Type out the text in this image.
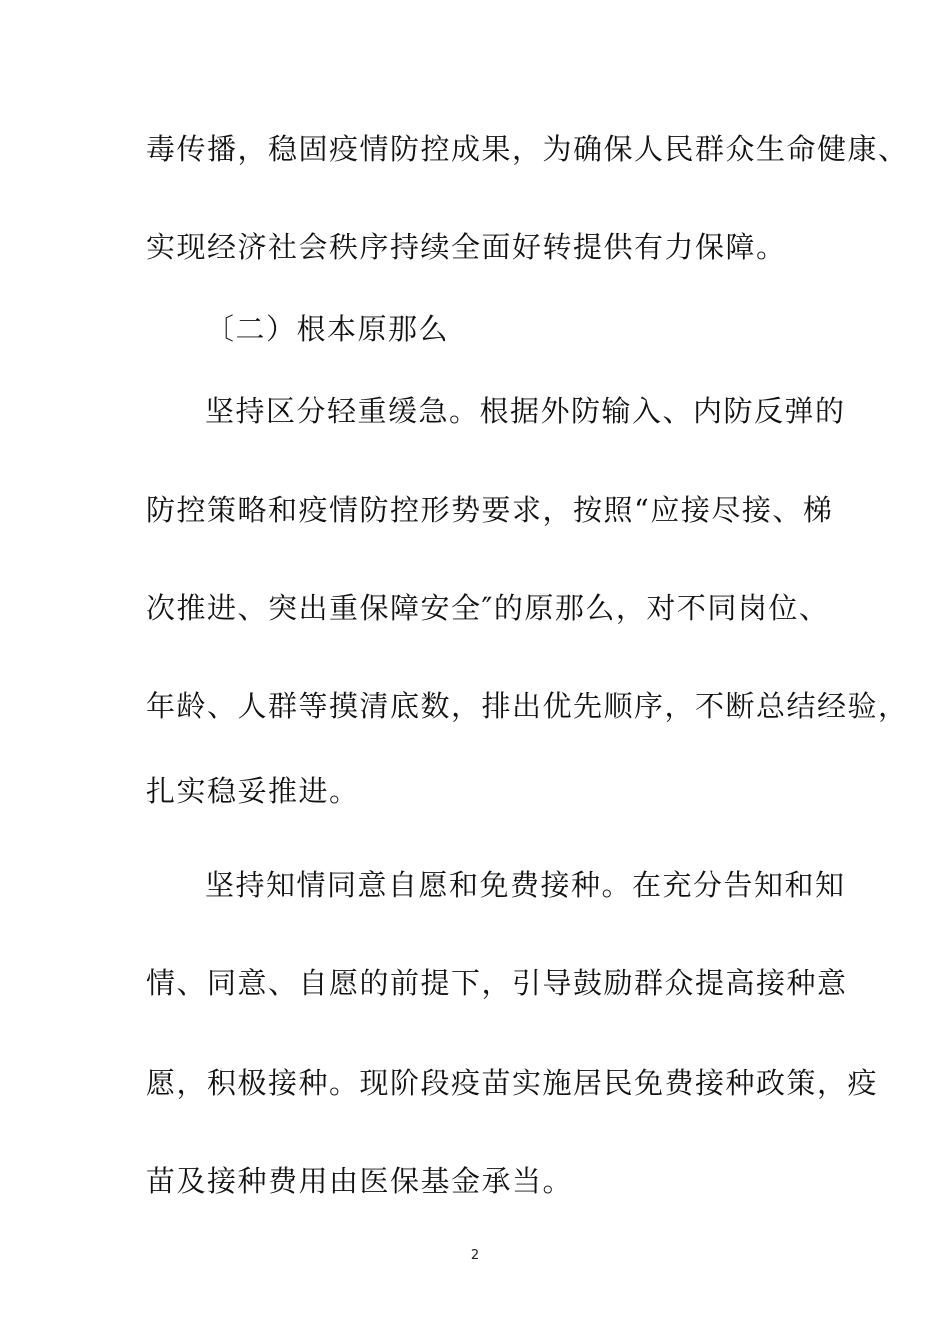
毒传播，稳固疫情防控成果，为确保人民群众生命健康、
实现经济社会秩序持续全面好转提供有力保障。
〔二）根本原那么
坚持区分轻重缓急。根据外防输入、内防反弹的
防控策略和疫情防控形势要求，按照“应接尽接、梯
次推进、突出重保障安全″的原那么，对不同岗位、
年龄、人群等摸清底数，排出优先顺序，不断总结经验，
扎实稳妥推进。
坚持知情同意自愿和免费接种。在充分告知和知
情、同意、自愿的前提下，引导鼓励群众提高接种意
愿，积极接种。现阶段疫苗实施居民免费接种政策，疫
苗及接种费用由医保基金承当。
2
